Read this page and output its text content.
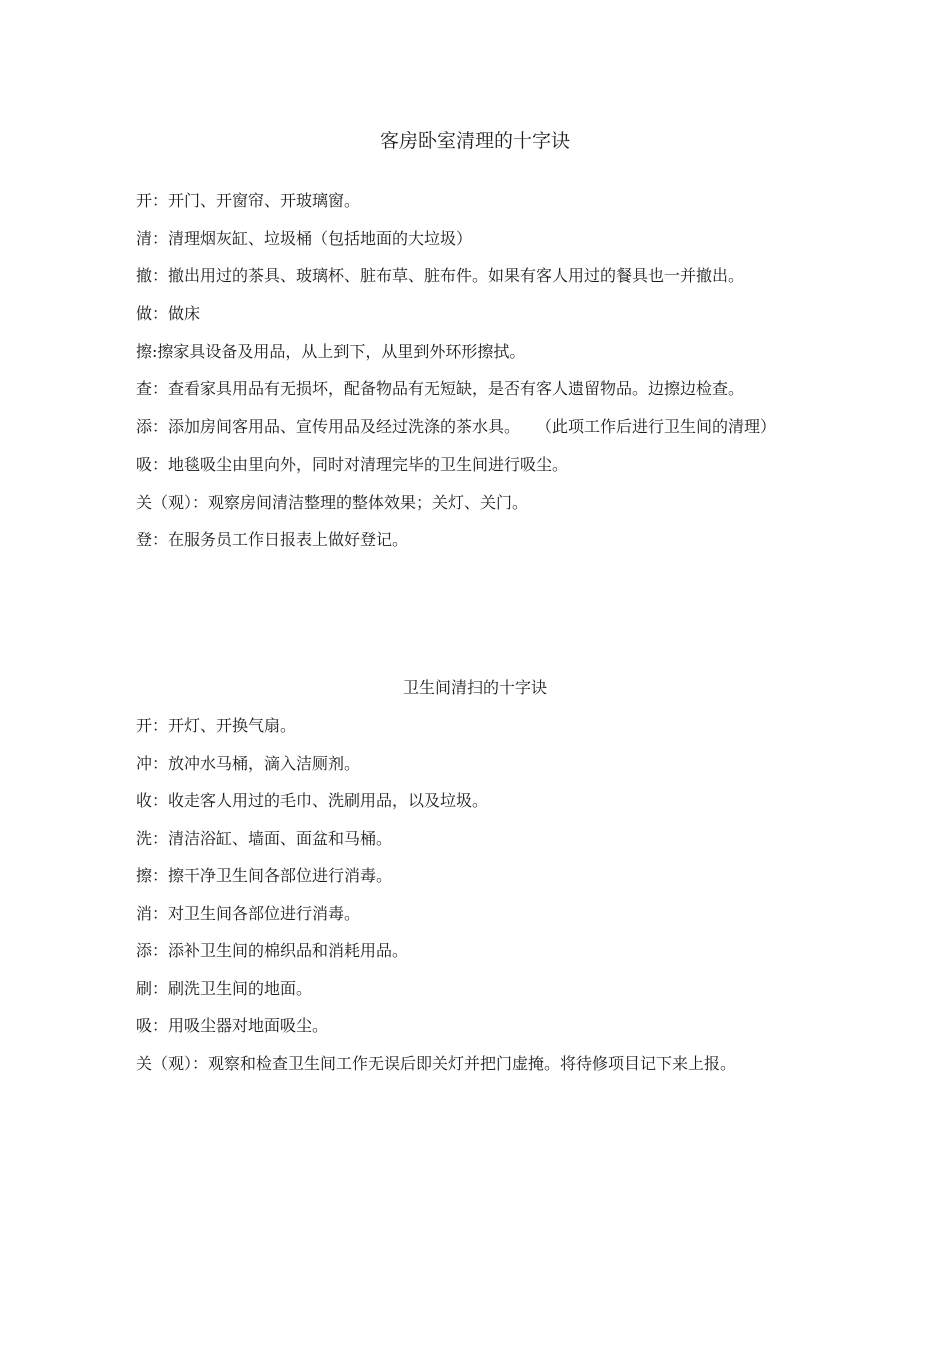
客房卧室清理的十字诀
开：开门、开窗帘、开玻璃窗。
清：清理烟灰缸、垃圾桶（包括地面的大垃圾）
撤：撤出用过的茶具、玻璃杯、脏布草、脏布件。如果有客人用过的餐具也一并撤出。
做：做床
擦:擦家具设备及用品，从上到下，从里到外环形擦拭。
查：查看家具用品有无损坏，配备物品有无短缺，是否有客人遗留物品。边擦边检查。
添：添加房间客用品、宣传用品及经过洗涤的茶水具。　　（此项工作后进行卫生间的清理）
吸：地毯吸尘由里向外，同时对清理完毕的卫生间进行吸尘。
关（观）：观察房间清洁整理的整体效果；关灯、关门。
登：在服务员工作日报表上做好登记。
卫生间清扫的十字诀
开：开灯、开换气扇。
冲：放冲水马桶，滴入洁厕剂。
收：收走客人用过的毛巾、洗刷用品，以及垃圾。
洗：清洁浴缸、墙面、面盆和马桶。
擦：擦干净卫生间各部位进行消毒。
消：对卫生间各部位进行消毒。
添：添补卫生间的棉织品和消耗用品。
刷：刷洗卫生间的地面。
吸：用吸尘器对地面吸尘。
关（观）：观察和检查卫生间工作无误后即关灯并把门虚掩。将待修项目记下来上报。
